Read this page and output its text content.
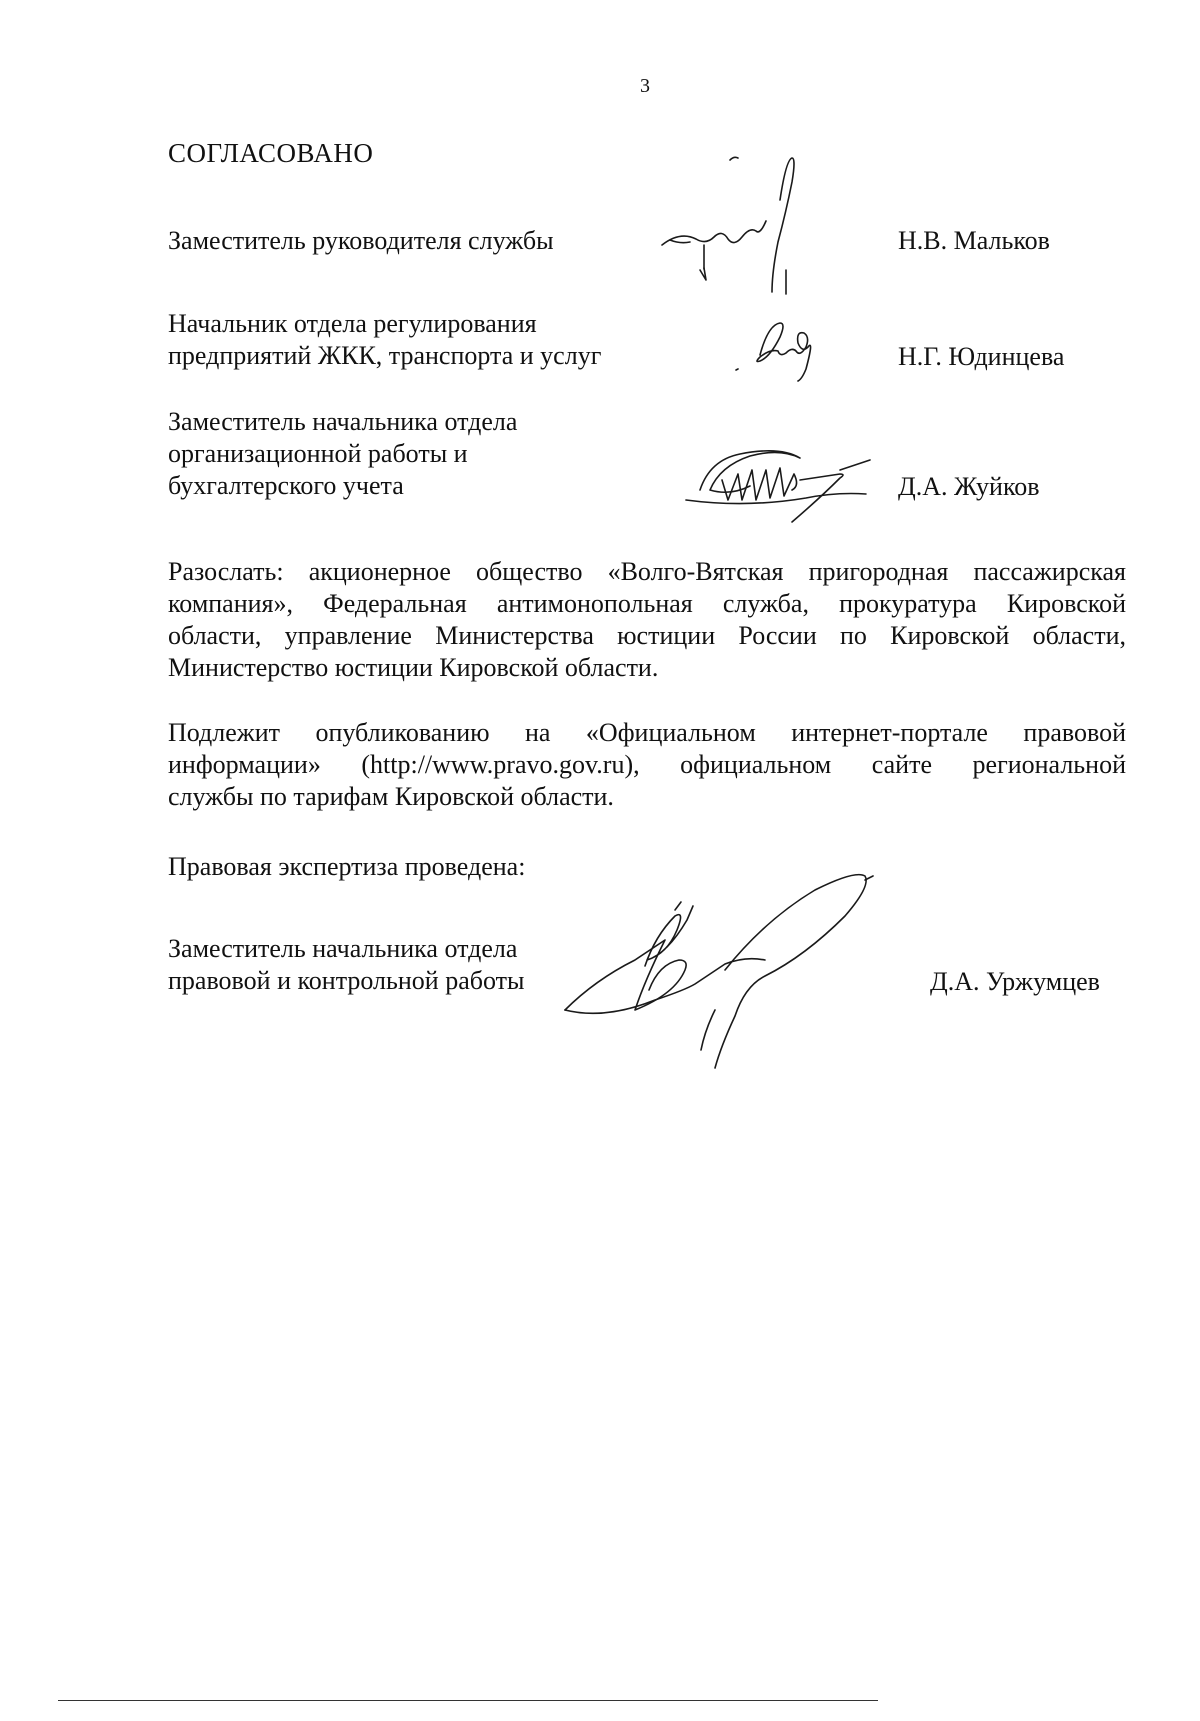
3
СОГЛАСОВАНО
Заместитель руководителя службы	Н.В. Мальков
Начальник отдела регулирования
предприятий ЖКК, транспорта и услуг	Н.Г. Юдинцева
Заместитель начальника отдела
организационной работы и
бухгалтерского учета	Д.А. Жуйков
Разослать: акционерное общество «Волго-Вятская пригородная пассажирская
компания», Федеральная антимонопольная служба, прокуратура Кировской
области, управление Министерства юстиции России по Кировской области,
Министерство юстиции Кировской области.
Подлежит опубликованию на «Официальном интернет-портале правовой
информации» (http://www.pravo.gov.ru), официальном сайте региональной
службы по тарифам Кировской области.
Правовая экспертиза проведена:
Заместитель начальника отдела
правовой и контрольной работы	Д.А. Уржумцев
